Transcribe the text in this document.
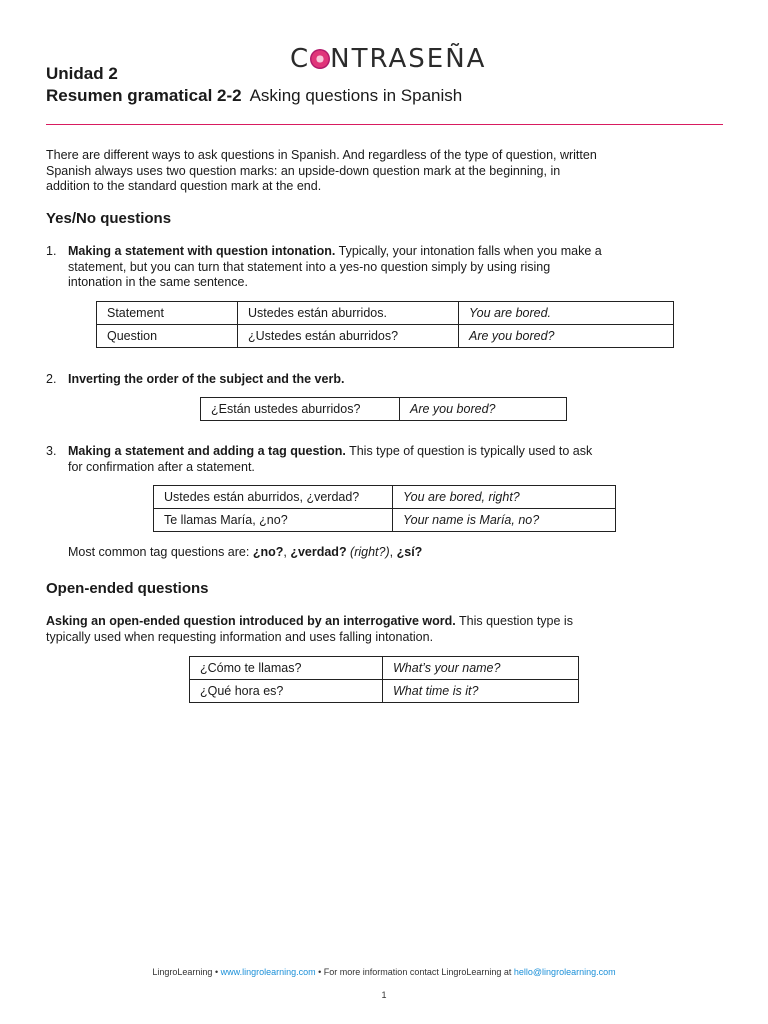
C NTRASEÑA
Unidad 2
Resumen gramatical 2-2 Asking questions in Spanish
There are different ways to ask questions in Spanish. And regardless of the type of question, written Spanish always uses two question marks: an upside-down question mark at the beginning, in addition to the standard question mark at the end.
Yes/No questions
1. Making a statement with question intonation. Typically, your intonation falls when you make a statement, but you can turn that statement into a yes-no question simply by using rising intonation in the same sentence.
Statement	Ustedes están aburridos.	You are bored.
Question	¿Ustedes están aburridos?	Are you bored?
2. Inverting the order of the subject and the verb.
¿Están ustedes aburridos?	Are you bored?
3. Making a statement and adding a tag question. This type of question is typically used to ask for confirmation after a statement.
Ustedes están aburridos, ¿verdad?	You are bored, right?
Te llamas María, ¿no?	Your name is María, no?
Most common tag questions are: ¿no?, ¿verdad? (right?), ¿sí?
Open-ended questions
Asking an open-ended question introduced by an interrogative word. This question type is typically used when requesting information and uses falling intonation.
¿Cómo te llamas?	What’s your name?
¿Qué hora es?	What time is it?
LingroLearning • www.lingrolearning.com • For more information contact LingroLearning at hello@lingrolearning.com
1
